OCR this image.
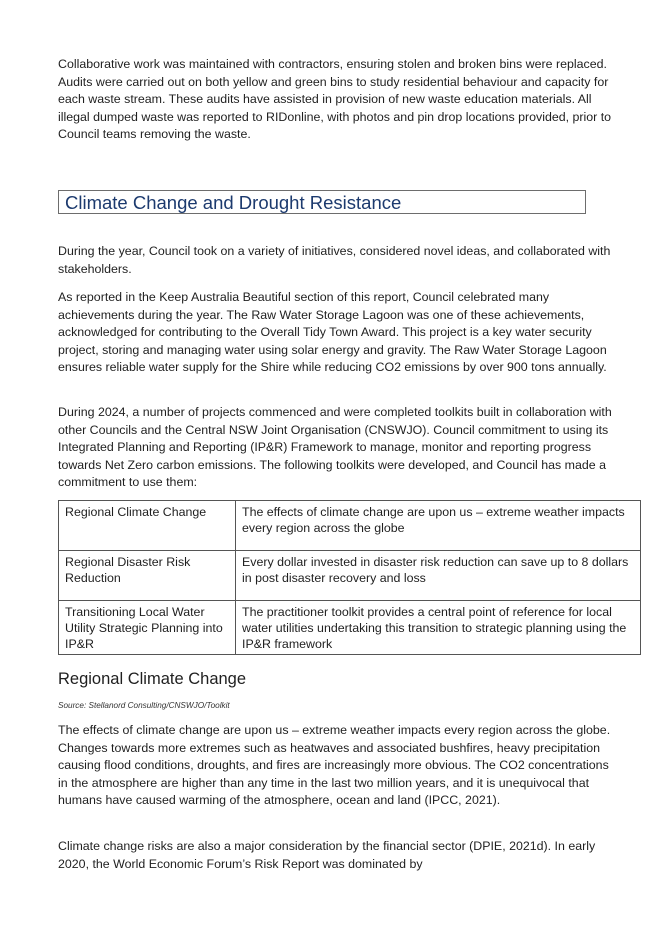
Collaborative work was maintained with contractors, ensuring stolen and broken bins were replaced. Audits were carried out on both yellow and green bins to study residential behaviour and capacity for each waste stream. These audits have assisted in provision of new waste education materials. All illegal dumped waste was reported to RIDonline, with photos and pin drop locations provided, prior to Council teams removing the waste.

Climate Change and Drought Resistance

During the year, Council took on a variety of initiatives, considered novel ideas, and collaborated with stakeholders.

As reported in the Keep Australia Beautiful section of this report, Council celebrated many achievements during the year. The Raw Water Storage Lagoon was one of these achievements, acknowledged for contributing to the Overall Tidy Town Award. This project is a key water security project, storing and managing water using solar energy and gravity. The Raw Water Storage Lagoon ensures reliable water supply for the Shire while reducing CO2 emissions by over 900 tons annually.

During 2024, a number of projects commenced and were completed toolkits built in collaboration with other Councils and the Central NSW Joint Organisation (CNSWJO). Council commitment to using its Integrated Planning and Reporting (IP&R) Framework to manage, monitor and reporting progress towards Net Zero carbon emissions. The following toolkits were developed, and Council has made a commitment to use them:

Regional Climate Change	The effects of climate change are upon us – extreme weather impacts every region across the globe
Regional Disaster Risk Reduction	Every dollar invested in disaster risk reduction can save up to 8 dollars in post disaster recovery and loss
Transitioning Local Water Utility Strategic Planning into IP&R	The practitioner toolkit provides a central point of reference for local water utilities undertaking this transition to strategic planning using the IP&R framework
Regional Climate Change

Source: Stellanord Consulting/CNSWJO/Toolkit

The effects of climate change are upon us – extreme weather impacts every region across the globe. Changes towards more extremes such as heatwaves and associated bushfires, heavy precipitation causing flood conditions, droughts, and fires are increasingly more obvious. The CO2 concentrations in the atmosphere are higher than any time in the last two million years, and it is unequivocal that humans have caused warming of the atmosphere, ocean and land (IPCC, 2021).

Climate change risks are also a major consideration by the financial sector (DPIE, 2021d). In early 2020, the World Economic Forum’s Risk Report was dominated by
